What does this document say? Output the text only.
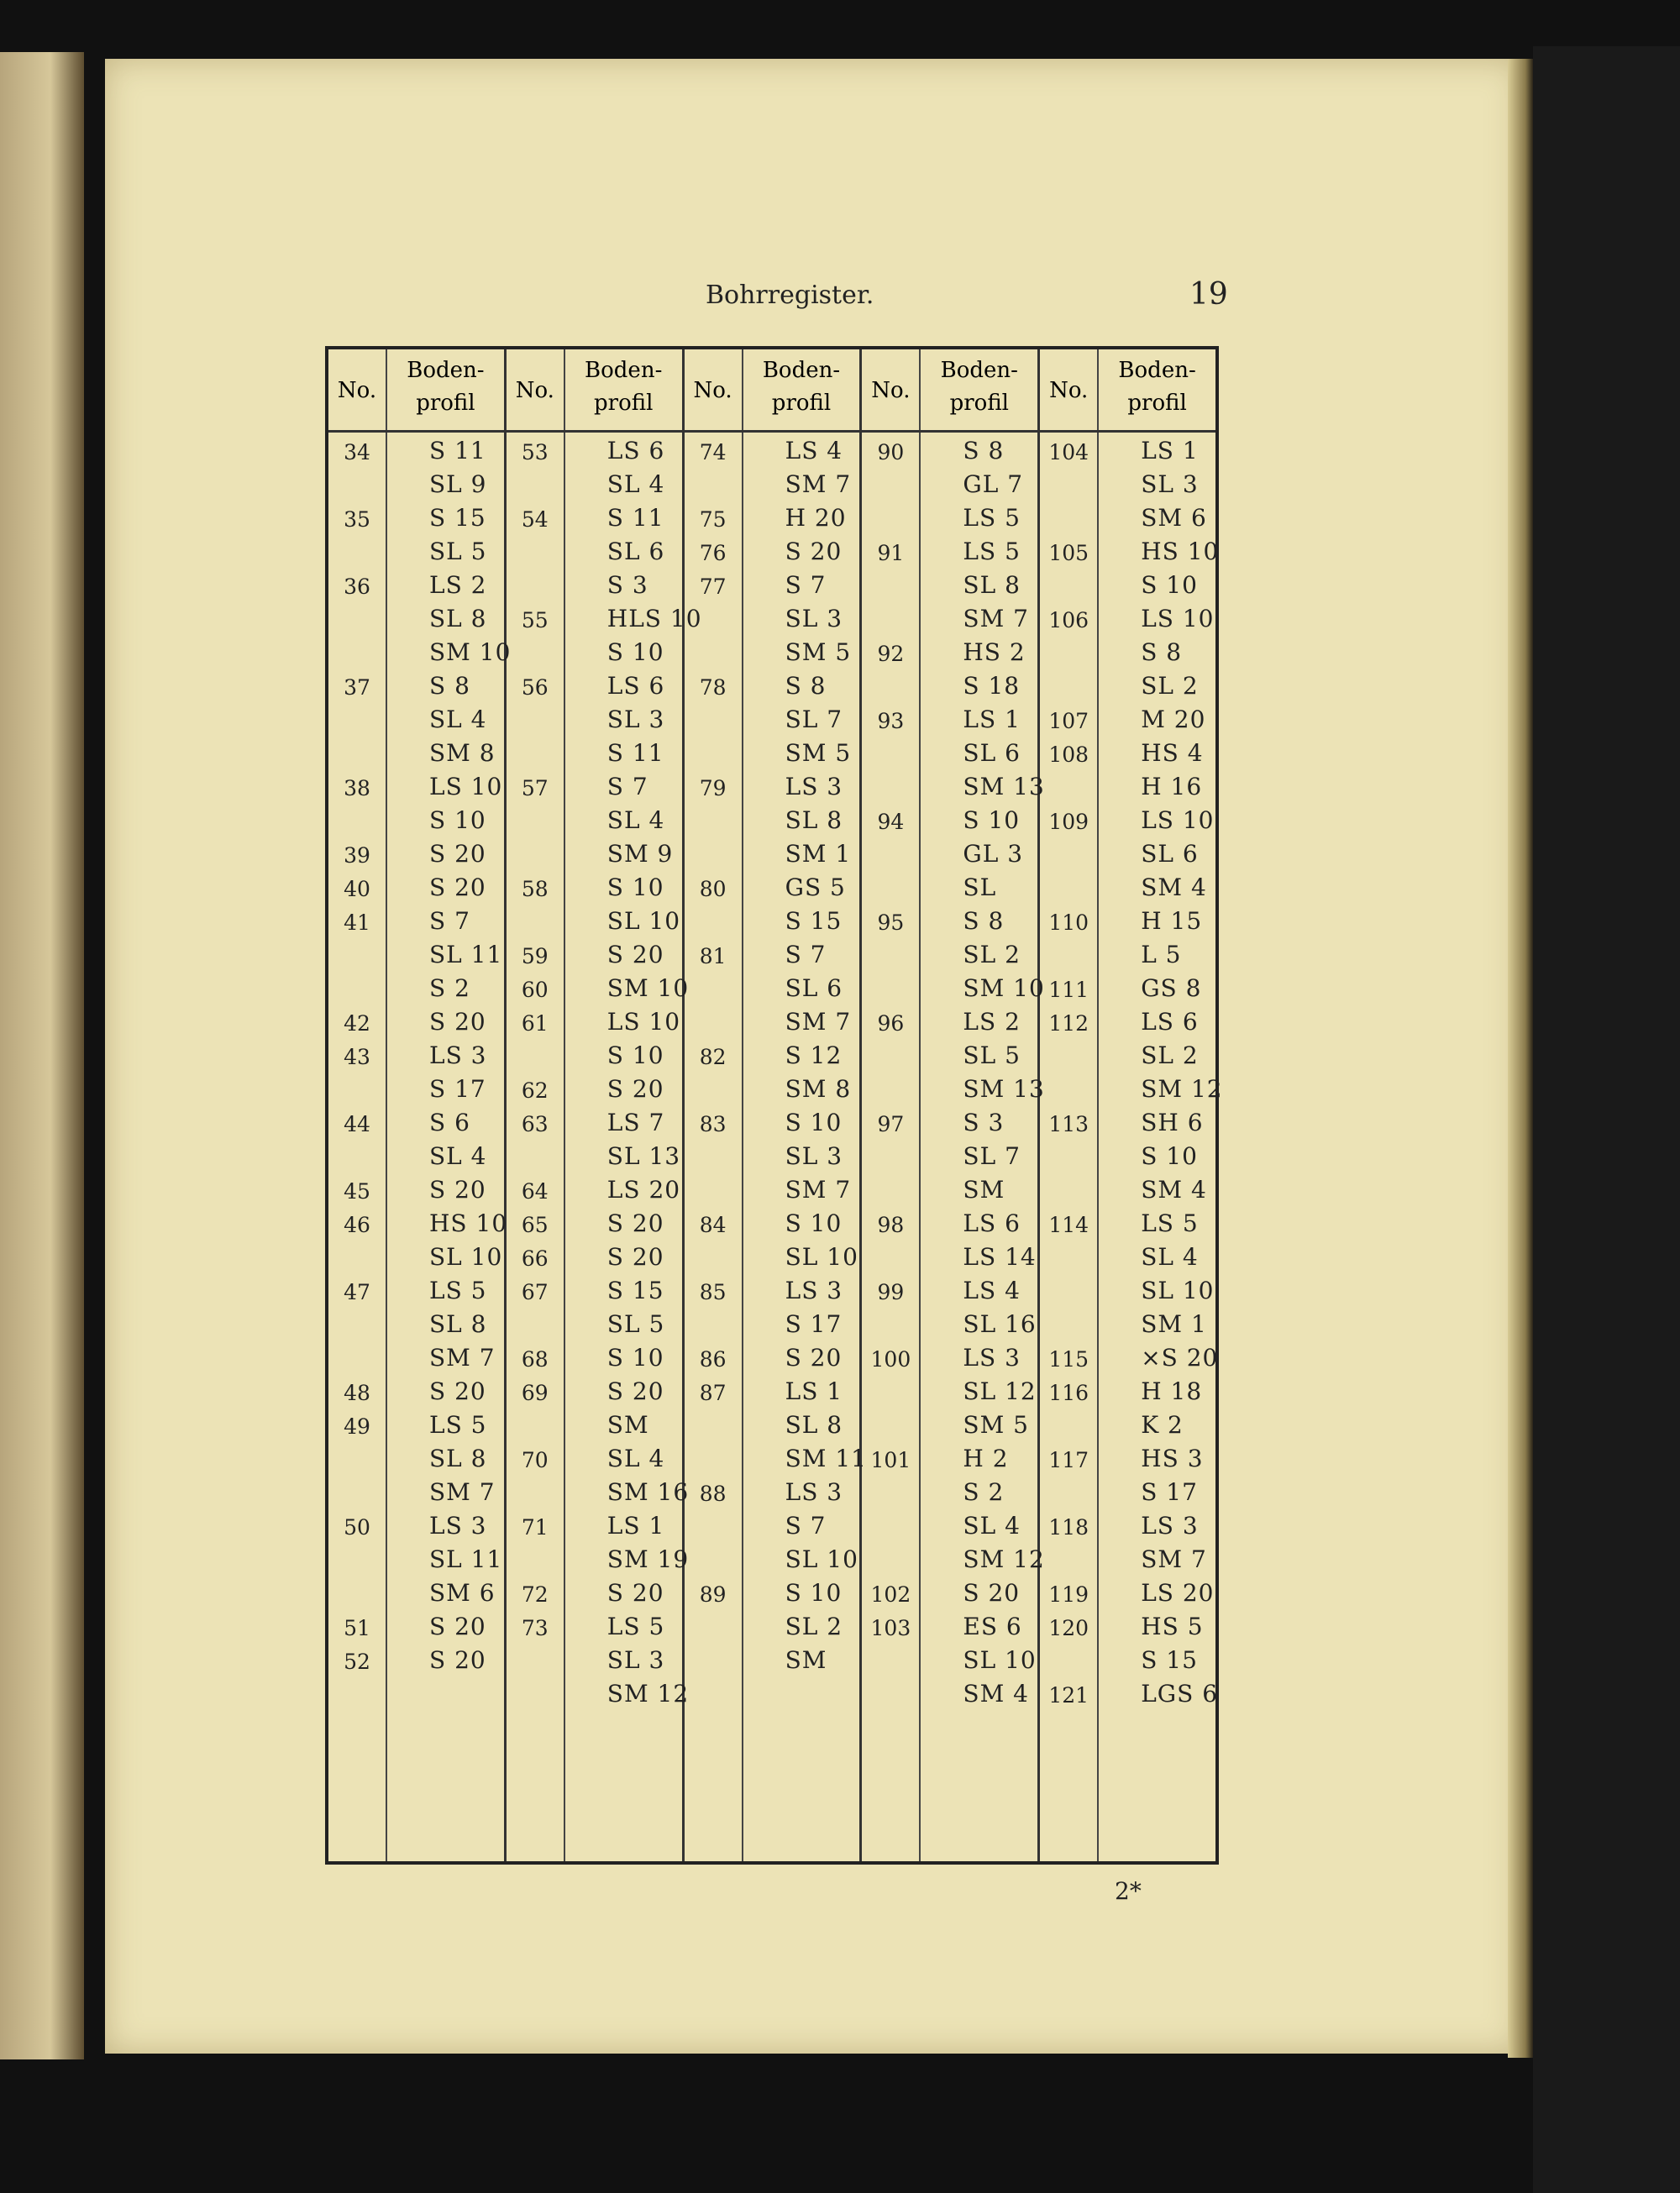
Bohrregister.	19
No.
34
35
36
37
38
39
40
41
42
43
44
45
46
47
48
49
50
51
52
Boden-
profil
S 11
SL 9
S 15
SL 5
LS 2
SL 8
SM 10
S 8
SL 4
SM 8
LS 10
S 10
S 20
S 20
S 7
SL 11
S 2
S 20
LS 3
S 17
S 6
SL 4
S 20
HS 10
SL 10
LS 5
SL 8
SM 7
S 20
LS 5
SL 8
SM 7
LS 3
SL 11
SM 6
S 20
S 20
No.
53
54
55
56
57
58
59
60
61
62
63
64
65
66
67
68
69
70
71
72
73
Boden-
profil
LS 6
SL 4
S 11
SL 6
S 3
HLS 10
S 10
LS 6
SL 3
S 11
S 7
SL 4
SM 9
S 10
SL 10
S 20
SM 10
LS 10
S 10
S 20
LS 7
SL 13
LS 20
S 20
S 20
S 15
SL 5
S 10
S 20
SM
SL 4
SM 16
LS 1
SM 19
S 20
LS 5
SL 3
SM 12
No.
74
75
76
77
78
79
80
81
82
83
84
85
86
87
88
89
Boden-
profil
LS 4
SM 7
H 20
S 20
S 7
SL 3
SM 5
S 8
SL 7
SM 5
LS 3
SL 8
SM 1
GS 5
S 15
S 7
SL 6
SM 7
S 12
SM 8
S 10
SL 3
SM 7
S 10
SL 10
LS 3
S 17
S 20
LS 1
SL 8
SM 11
LS 3
S 7
SL 10
S 10
SL 2
SM
No.
90
91
92
93
94
95
96
97
98
99
100
101
102
103
Boden-
profil
S 8
GL 7
LS 5
LS 5
SL 8
SM 7
HS 2
S 18
LS 1
SL 6
SM 13
S 10
GL 3
SL
S 8
SL 2
SM 10
LS 2
SL 5
SM 13
S 3
SL 7
SM
LS 6
LS 14
LS 4
SL 16
LS 3
SL 12
SM 5
H 2
S 2
SL 4
SM 12
S 20
ES 6
SL 10
SM 4
No.
104
105
106
107
108
109
110
111
112
113
114
115
116
117
118
119
120
121
Boden-
profil
LS 1
SL 3
SM 6
HS 10
S 10
LS 10
S 8
SL 2
M 20
HS 4
H 16
LS 10
SL 6
SM 4
H 15
L 5
GS 8
LS 6
SL 2
SM 12
SH 6
S 10
SM 4
LS 5
SL 4
SL 10
SM 1
×S 20
H 18
K 2
HS 3
S 17
LS 3
SM 7
LS 20
HS 5
S 15
LGS 6
2*
